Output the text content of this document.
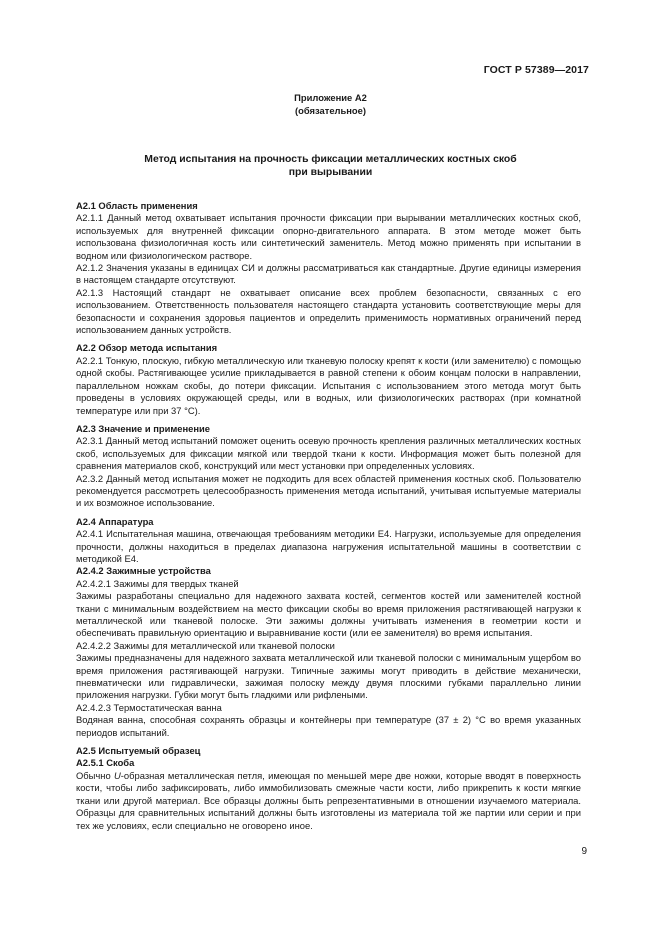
ГОСТ Р 57389—2017
Приложение А2
(обязательное)
Метод испытания на прочность фиксации металлических костных скоб
при вырывании

А2.1 Область применения

А2.1.1 Данный метод охватывает испытания прочности фиксации при вырывании металлических костных скоб, используемых для внутренней фиксации опорно-двигательного аппарата. В этом методе может быть использована физиологичная кость или синтетический заменитель. Метод можно применять при испытании в водном или физиологическом растворе.

А2.1.2 Значения указаны в единицах СИ и должны рассматриваться как стандартные. Другие единицы измерения в настоящем стандарте отсутствуют.

А2.1.3 Настоящий стандарт не охватывает описание всех проблем безопасности, связанных с его использованием. Ответственность пользователя настоящего стандарта установить соответствующие меры для безопасности и сохранения здоровья пациентов и определить применимость нормативных ограничений перед использованием данных устройств.

А2.2 Обзор метода испытания

А2.2.1 Тонкую, плоскую, гибкую металлическую или тканевую полоску крепят к кости (или заменителю) с помощью одной скобы. Растягивающее усилие прикладывается в равной степени к обоим концам полоски в направлении, параллельном ножкам скобы, до потери фиксации. Испытания с использованием этого метода могут быть проведены в условиях окружающей среды, или в водных, или физиологических растворах (при комнатной температуре или при 37 °С).

А2.3 Значение и применение

А2.3.1 Данный метод испытаний поможет оценить осевую прочность крепления различных металлических костных скоб, используемых для фиксации мягкой или твердой ткани к кости. Информация может быть полезной для сравнения материалов скоб, конструкций или мест установки при определенных условиях.

А2.3.2 Данный метод испытания может не подходить для всех областей применения костных скоб. Пользователю рекомендуется рассмотреть целесообразность применения метода испытаний, учитывая испытуемые материалы и их возможное использование.

А2.4 Аппаратура

А2.4.1 Испытательная машина, отвечающая требованиям методики Е4. Нагрузки, используемые для определения прочности, должны находиться в пределах диапазона нагружения испытательной машины в соответствии с методикой Е4.

А2.4.2 Зажимные устройства

А2.4.2.1 Зажимы для твердых тканей

Зажимы разработаны специально для надежного захвата костей, сегментов костей или заменителей костной ткани с минимальным воздействием на место фиксации скобы во время приложения растягивающей нагрузки к металлической или тканевой полоске. Эти зажимы должны учитывать изменения в геометрии кости и обеспечивать правильную ориентацию и выравнивание кости (или ее заменителя) во время испытания.

А2.4.2.2 Зажимы для металлической или тканевой полоски

Зажимы предназначены для надежного захвата металлической или тканевой полоски с минимальным ущербом во время приложения растягивающей нагрузки. Типичные зажимы могут приводить в действие механически, пневматически или гидравлически, зажимая полоску между двумя плоскими губками параллельно линии приложения нагрузки. Губки могут быть гладкими или рифлеными.

А2.4.2.3 Термостатическая ванна

Водяная ванна, способная сохранять образцы и контейнеры при температуре (37 ± 2) °С во время указанных периодов испытаний.

А2.5 Испытуемый образец

А2.5.1 Скоба

Обычно U-образная металлическая петля, имеющая по меньшей мере две ножки, которые вводят в поверхность кости, чтобы либо зафиксировать, либо иммобилизовать смежные части кости, либо прикрепить к кости мягкие ткани или другой материал. Все образцы должны быть репрезентативными в отношении изучаемого материала. Образцы для сравнительных испытаний должны быть изготовлены из материала той же партии или серии и при тех же условиях, если специально не оговорено иное.

9
